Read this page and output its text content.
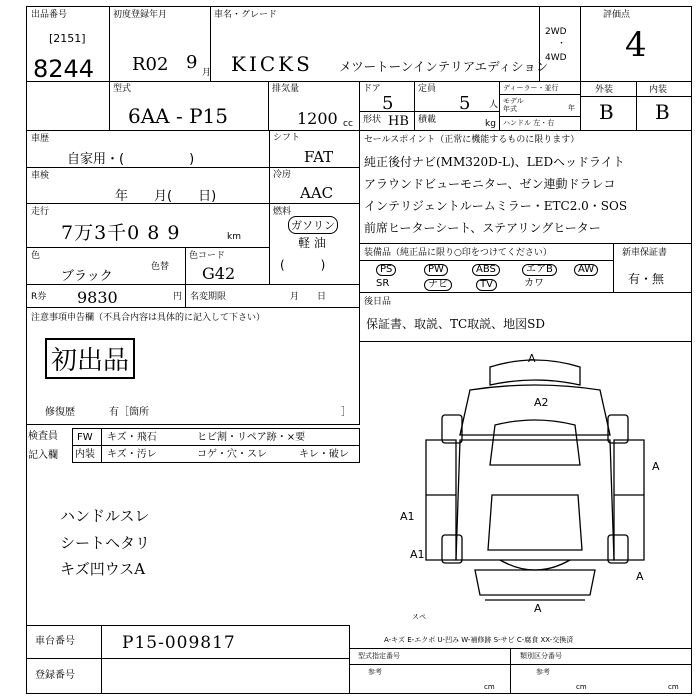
出品番号
[2151]
8244
初度登録年月
R02 9 月
車名・グレード
KICKS メツートーンインテリアエディション
2WD
・
4WD
評価点
4
外装	内装
B B
型式
6AA - P15
排気量
1200 cc
ドア
5
形状 HB
定員
5 人
積載	kg
ディーラー・並行
モデル年式	年
ハンドル 左・右
車歴
自家用・(　　　　　)
シフト
FAT
車検
年　　月(　　日)
冷房
AAC
走行
7万3千0 8 9	km
燃料
ガソリン
軽 油
(　　　)
色
ブラック
色替
色コード
G42
R券 9830	円 名変期限	月　　日
セールスポイント（正常に機能するものに限ります）
純正後付ナビ(MM320D-L)、LEDヘッドライト
アラウンドビューモニター、ゼン連動ドラレコ
インテリジェントルームミラー・ETC2.0・SOS
前席ヒーターシート、ステアリングヒーター
装備品（純正品に限り○印をつけてください）
PS	PW	ABS	エアB	AW
SR	ナビ	TV	カワ
新車保証書
有・無
後日品
保証書、取説、TC取説、地図SD
注意事項申告欄（不具合内容は具体的に記入して下さい）
初出品
修復歴	有［箇所	］
検査員 FW キズ・飛石	ヒビ割・リペア跡・×要
記入欄 内装 キズ・汚レ	コゲ・穴・スレ	キレ・破レ
ハンドルスレ
シートヘタリ
キズ凹ウスA
A
A2
A
A1
A1
A
A
スペ
車台番号	P15-009817
登録番号
A-キズ E-エクボ U-凹み W-補修跡 S-サビ C-腐食 XX-交換済
型式指定番号
参考
類別区分番号
参考
cm	cm	cm
